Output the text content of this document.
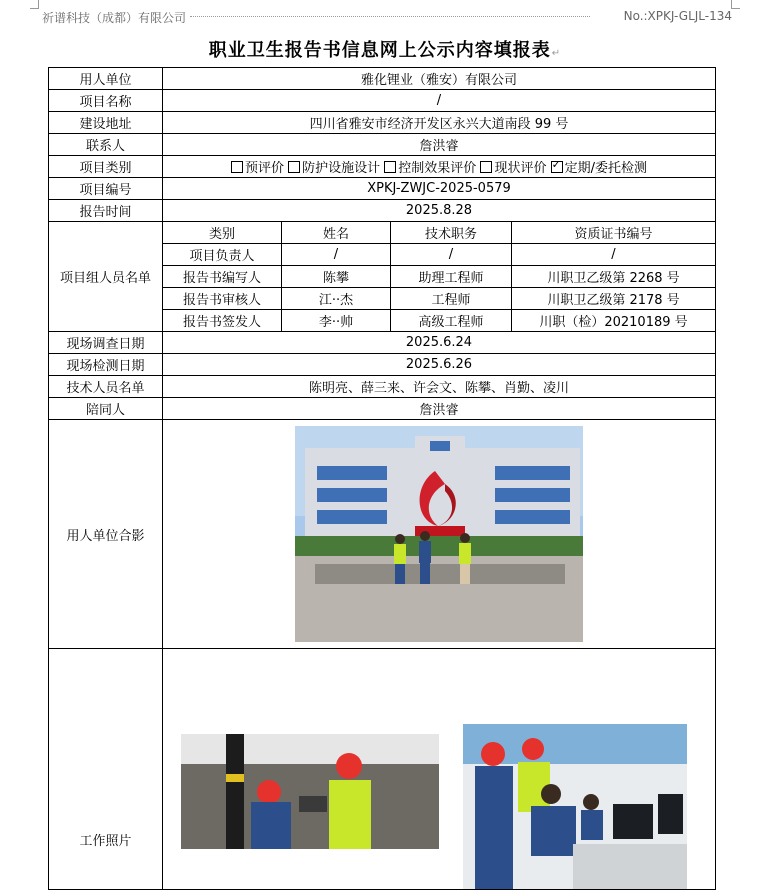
祈谱科技（成都）有限公司	No.:XPKJ-GLJL-134
职业卫生报告书信息网上公示内容填报表↵
用人单位	雅化锂业（雅安）有限公司
项目名称	/
建设地址	四川省雅安市经济开发区永兴大道南段 99 号
联系人	詹洪睿
项目类别	预评价 防护设施设计 控制效果评价 现状评价 ✓ 定期/委托检测
项目编号	XPKJ-ZWJC-2025-0579
报告时间	2025.8.28
项目组人员名单	
类别	姓名	技术职务	资质证书编号
项目负责人	/	/	/
报告书编写人	陈攀	助理工程师	川职卫乙级第 2268 号
报告书审核人	江··杰	工程师	川职卫乙级第 2178 号
报告书签发人	李··帅	高级工程师	川职（检）20210189 号

现场调查日期	2025.6.24
现场检测日期	2025.6.26
技术人员名单	陈明亮、薛三来、许会文、陈攀、肖勤、凌川
陪同人	詹洪睿
用人单位合影	

工作照片	
